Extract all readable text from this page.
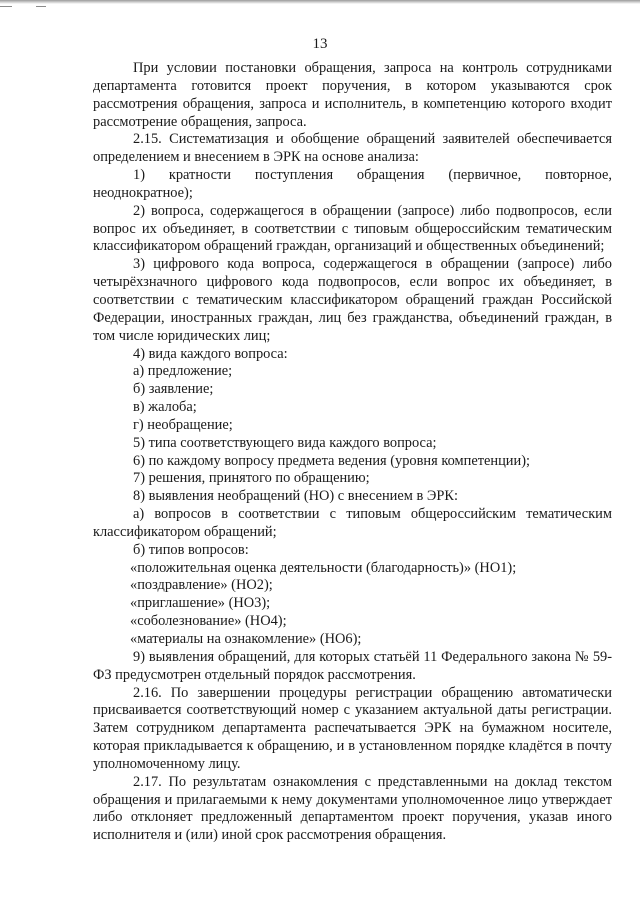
13

При условии постановки обращения, запроса на контроль сотрудниками департамента готовится проект поручения, в котором указываются срок рассмотрения обращения, запроса и исполнитель, в компетенцию которого входит рассмотрение обращения, запроса.

2.15. Систематизация и обобщение обращений заявителей обеспечивается определением и внесением в ЭРК на основе анализа:

1) кратности поступления обращения (первичное, повторное, неоднократное);

2) вопроса, содержащегося в обращении (запросе) либо подвопросов, если вопрос их объединяет, в соответствии с типовым общероссийским тематическим классификатором обращений граждан, организаций и общественных объединений;

3) цифрового кода вопроса, содержащегося в обращении (запросе) либо четырёхзначного цифрового кода подвопросов, если вопрос их объединяет, в соответствии с тематическим классификатором обращений граждан Российской Федерации, иностранных граждан, лиц без гражданства, объединений граждан, в том числе юридических лиц;

4) вида каждого вопроса:

а) предложение;

б) заявление;

в) жалоба;

г) необращение;

5) типа соответствующего вида каждого вопроса;

6) по каждому вопросу предмета ведения (уровня компетенции);

7) решения, принятого по обращению;

8) выявления необращений (НО) с внесением в ЭРК:

а) вопросов в соответствии с типовым общероссийским тематическим классификатором обращений;

б) типов вопросов:

«положительная оценка деятельности (благодарность)» (НО1);

«поздравление» (НО2);

«приглашение» (НО3);

«соболезнование» (НО4);

«материалы на ознакомление» (НО6);

9) выявления обращений, для которых статьёй 11 Федерального закона № 59-ФЗ предусмотрен отдельный порядок рассмотрения.

2.16. По завершении процедуры регистрации обращению автоматически присваивается соответствующий номер с указанием актуальной даты регистрации. Затем сотрудником департамента распечатывается ЭРК на бумажном носителе, которая прикладывается к обращению, и в установленном порядке кладётся в почту уполномоченному лицу.

2.17. По результатам ознакомления с представленными на доклад текстом обращения и прилагаемыми к нему документами уполномоченное лицо утверждает либо отклоняет предложенный департаментом проект поручения, указав иного исполнителя и (или) иной срок рассмотрения обращения.
